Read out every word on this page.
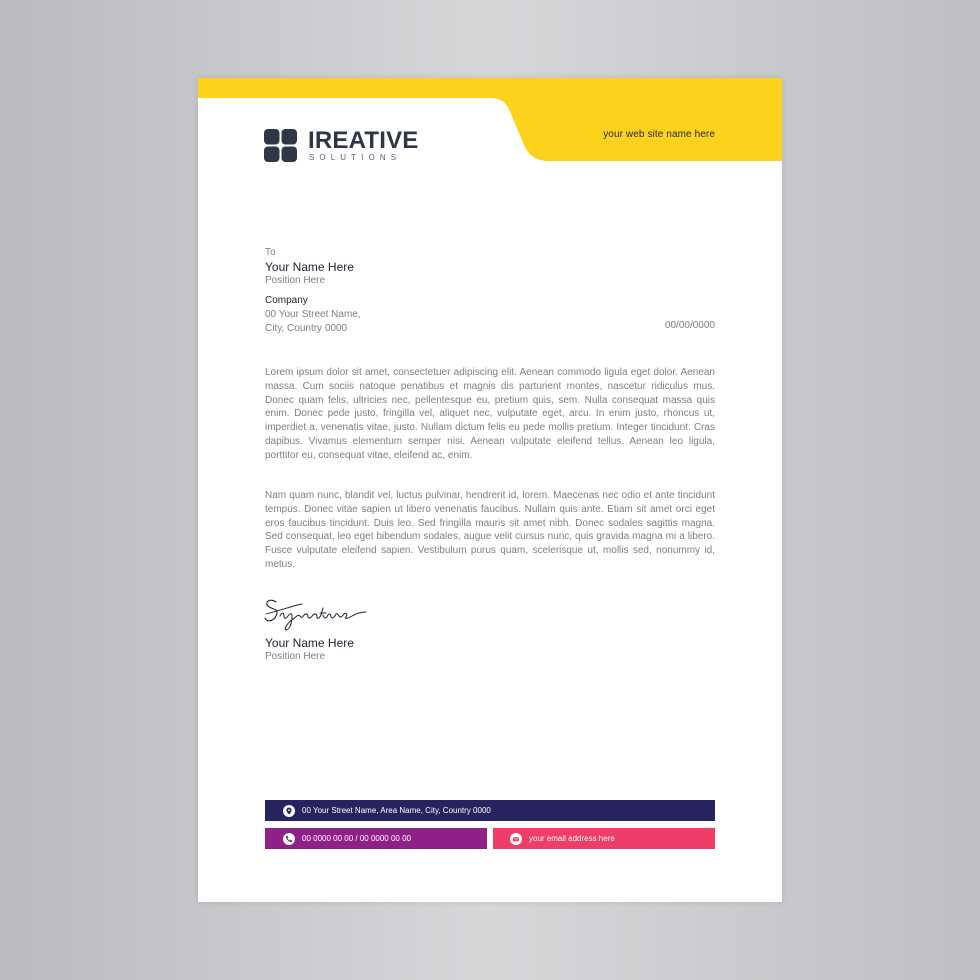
your web site name here
IREATIVE
SOLUTIONS
To
Your Name Here
Position Here
Company
00 Your Street Name,
City, Country 0000	00/00/0000

Lorem ipsum dolor sit amet, consectetuer adipiscing elit. Aenean commodo ligula eget dolor. Aenean massa. Cum sociis natoque penatibus et magnis dis parturient montes, nascetur ridiculus mus. Donec quam felis, ultricies nec, pellentesque eu, pretium quis, sem. Nulla consequat massa quis enim. Donec pede justo, fringilla vel, aliquet nec, vulputate eget, arcu. In enim justo, rhoncus ut, imperdiet a, venenatis vitae, justo. Nullam dictum felis eu pede mollis pretium. Integer tincidunt. Cras dapibus. Vivamus elementum semper nisi. Aenean vulputate eleifend tellus. Aenean leo ligula, porttitor eu, consequat vitae, eleifend ac, enim.

Nam quam nunc, blandit vel, luctus pulvinar, hendrerit id, lorem. Maecenas nec odio et ante tincidunt tempus. Donec vitae sapien ut libero venenatis faucibus. Nullam quis ante. Etiam sit amet orci eget eros faucibus tincidunt. Duis leo. Sed fringilla mauris sit amet nibh. Donec sodales sagittis magna. Sed consequat, leo eget bibendum sodales, augue velit cursus nunc, quis gravida magna mi a libero. Fusce vulputate eleifend sapien. Vestibulum purus quam, scelerisque ut, mollis sed, nonummy id, metus.

Signature
Your Name Here
Position Here
00 Your Street Name, Area Name, City, Country 0000
00 0000 00 00 / 00 0000 00 00	your email address here
